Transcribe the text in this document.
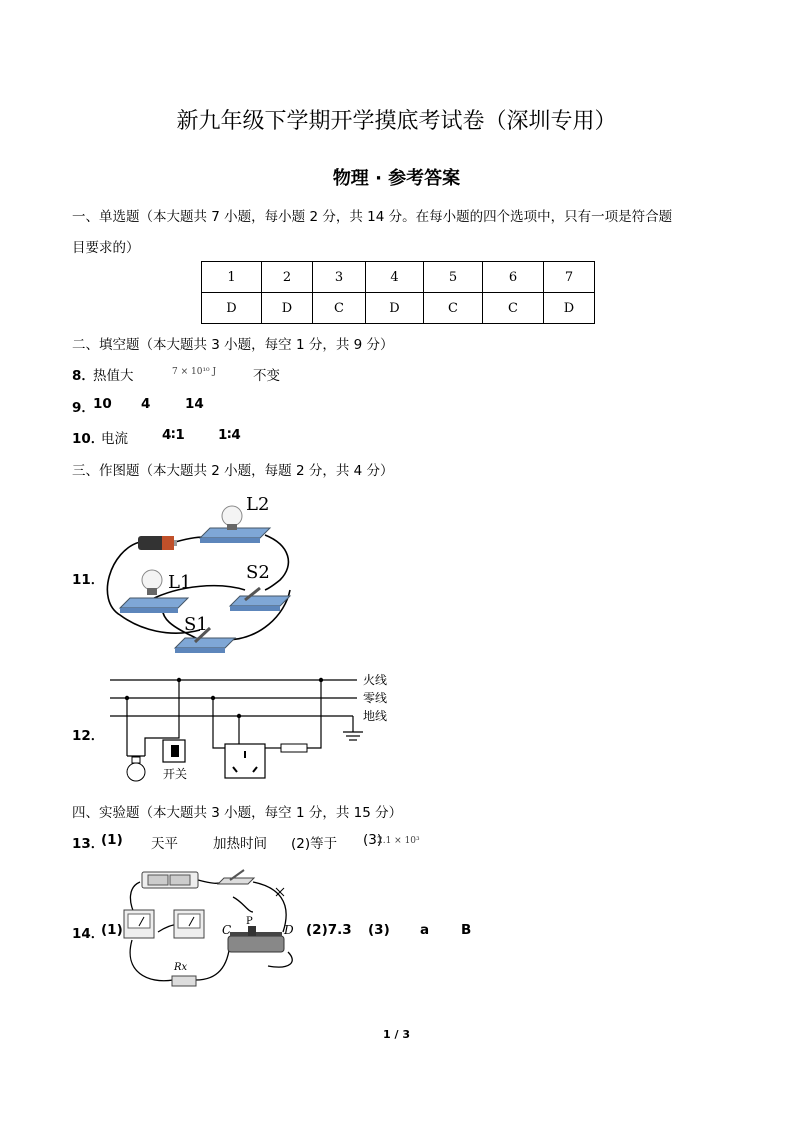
新九年级下学期开学摸底考试卷（深圳专用）
物理 · 参考答案
一、单选题（本大题共 7 小题，每小题 2 分，共 14 分。在每小题的四个选项中，只有一项是符合题
目要求的）
1	2	3	4	5	6	7
D	D	C	D	C	C	D
二、填空题（本大题共 3 小题，每空 1 分，共 9 分）
8．
热值大	7 × 10¹⁰ J	不变
9．
10 4	14
10．
电流	4∶1 1∶4
三、作图题（本大题共 2 小题，每题 2 分，共 4 分）
11．
L2
L1	S2
S1
12．
开关
火线
零线
地线
四、实验题（本大题共 3 小题，每空 1 分，共 15 分）
13．
(1) 天平	加热时间 (2)等于 (3)
2.1 × 10³
14．
(1)	(2)7.3 (3) a B
C
P
D
Rx
1 / 3
